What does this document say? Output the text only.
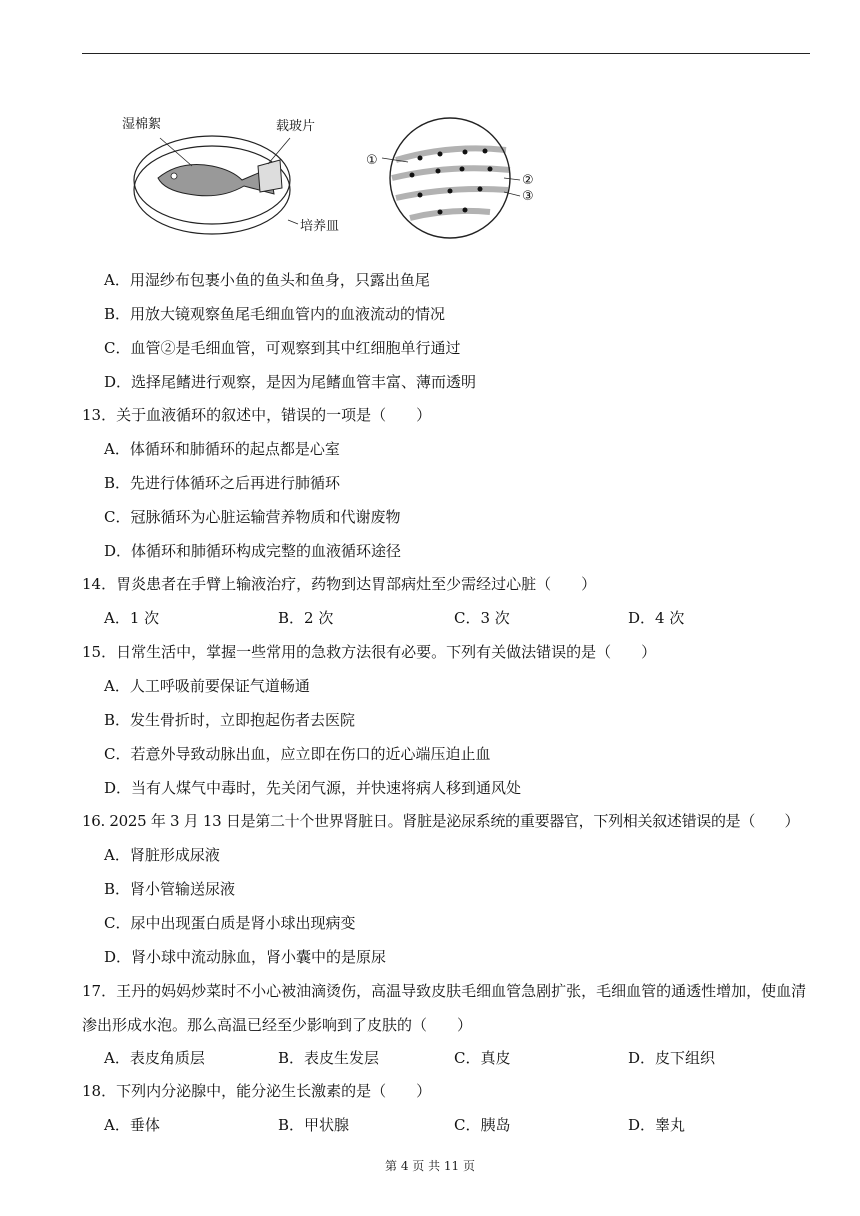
湿棉絮	载玻片
培养皿
①
②
③
A．用湿纱布包裹小鱼的鱼头和鱼身，只露出鱼尾
B．用放大镜观察鱼尾毛细血管内的血液流动的情况
C．血管②是毛细血管，可观察到其中红细胞单行通过
D．选择尾鳍进行观察，是因为尾鳍血管丰富、薄而透明
13．关于血液循环的叙述中，错误的一项是（　　）
A．体循环和肺循环的起点都是心室
B．先进行体循环之后再进行肺循环
C．冠脉循环为心脏运输营养物质和代谢废物
D．体循环和肺循环构成完整的血液循环途径
14．胃炎患者在手臂上输液治疗，药物到达胃部病灶至少需经过心脏（　　）
A．1 次	B．2 次	C．3 次	D．4 次
15．日常生活中，掌握一些常用的急救方法很有必要。下列有关做法错误的是（　　）
A．人工呼吸前要保证气道畅通
B．发生骨折时，立即抱起伤者去医院
C．若意外导致动脉出血，应立即在伤口的近心端压迫止血
D．当有人煤气中毒时，先关闭气源，并快速将病人移到通风处
16. 2025 年 3 月 13 日是第二十个世界肾脏日。肾脏是泌尿系统的重要器官，下列相关叙述错误的是（　　）
A．肾脏形成尿液
B．肾小管输送尿液
C．尿中出现蛋白质是肾小球出现病变
D．肾小球中流动脉血，肾小囊中的是原尿
17．王丹的妈妈炒菜时不小心被油滴烫伤，高温导致皮肤毛细血管急剧扩张，毛细血管的通透性增加，使血清渗出形成水泡。那么高温已经至少影响到了皮肤的（　　）
A．表皮角质层	B．表皮生发层	C．真皮	D．皮下组织
18．下列内分泌腺中，能分泌生长激素的是（　　）
A．垂体	B．甲状腺	C．胰岛	D．睾丸
第 4 页 共 11 页
